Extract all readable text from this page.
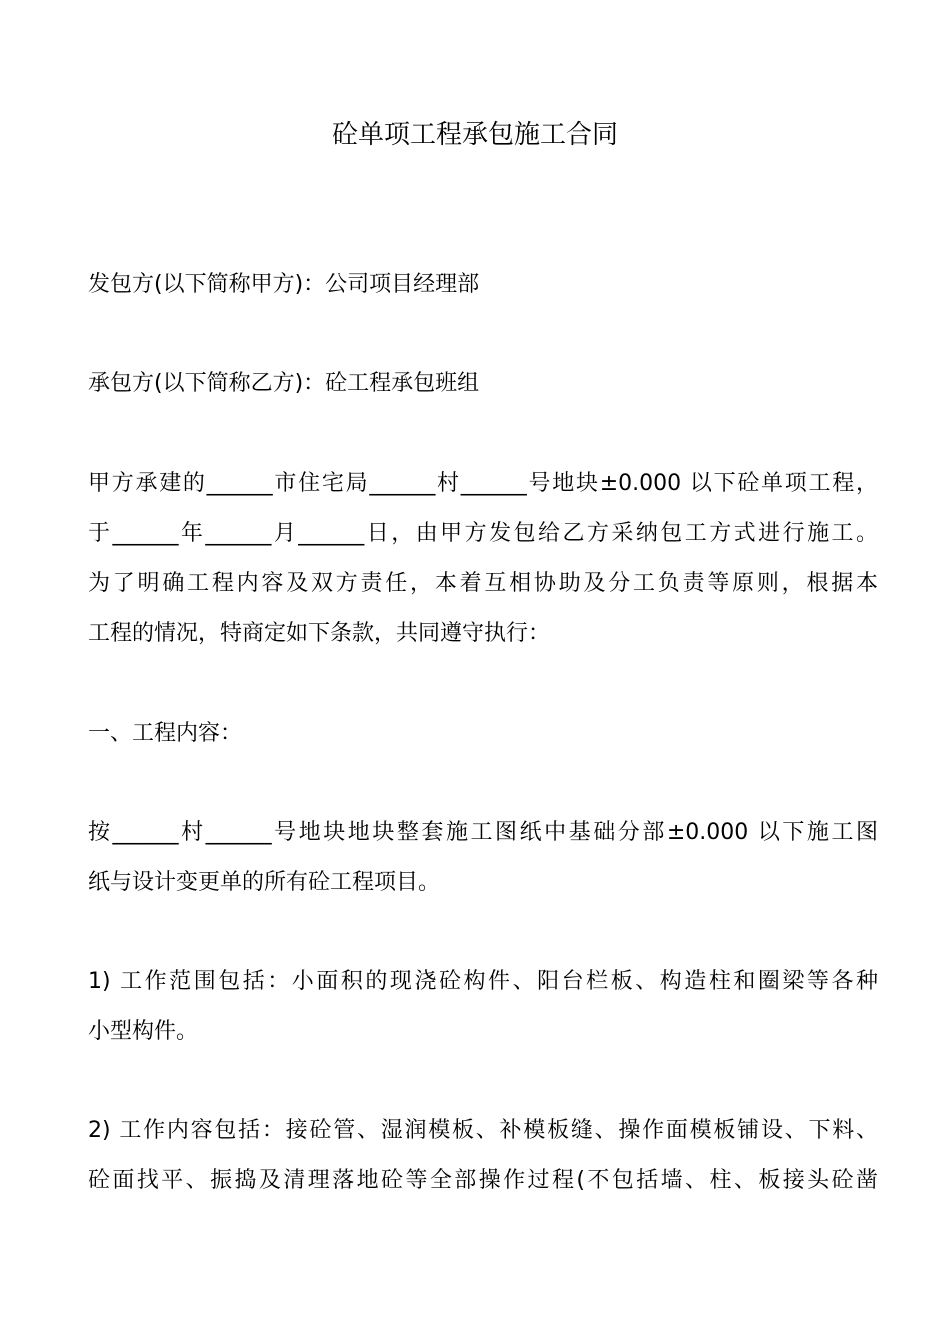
砼单项工程承包施工合同
发包方(以下简称甲方)：公司项目经理部
承包方(以下简称乙方)：砼工程承包班组
甲方承建的______市住宅局______村______号地块±0.000 以下砼单项工程，
于______年______月______日，由甲方发包给乙方采纳包工方式进行施工。
为了明确工程内容及双方责任，本着互相协助及分工负责等原则，根据本
工程的情况，特商定如下条款，共同遵守执行：
一、工程内容：
按______村______号地块地块整套施工图纸中基础分部±0.000 以下施工图
纸与设计变更单的所有砼工程项目。
1) 工作范围包括：小面积的现浇砼构件、阳台栏板、构造柱和圈梁等各种
小型构件。
2) 工作内容包括：接砼管、湿润模板、补模板缝、操作面模板铺设、下料、
砼面找平、振捣及清理落地砼等全部操作过程(不包括墙、柱、板接头砼凿
